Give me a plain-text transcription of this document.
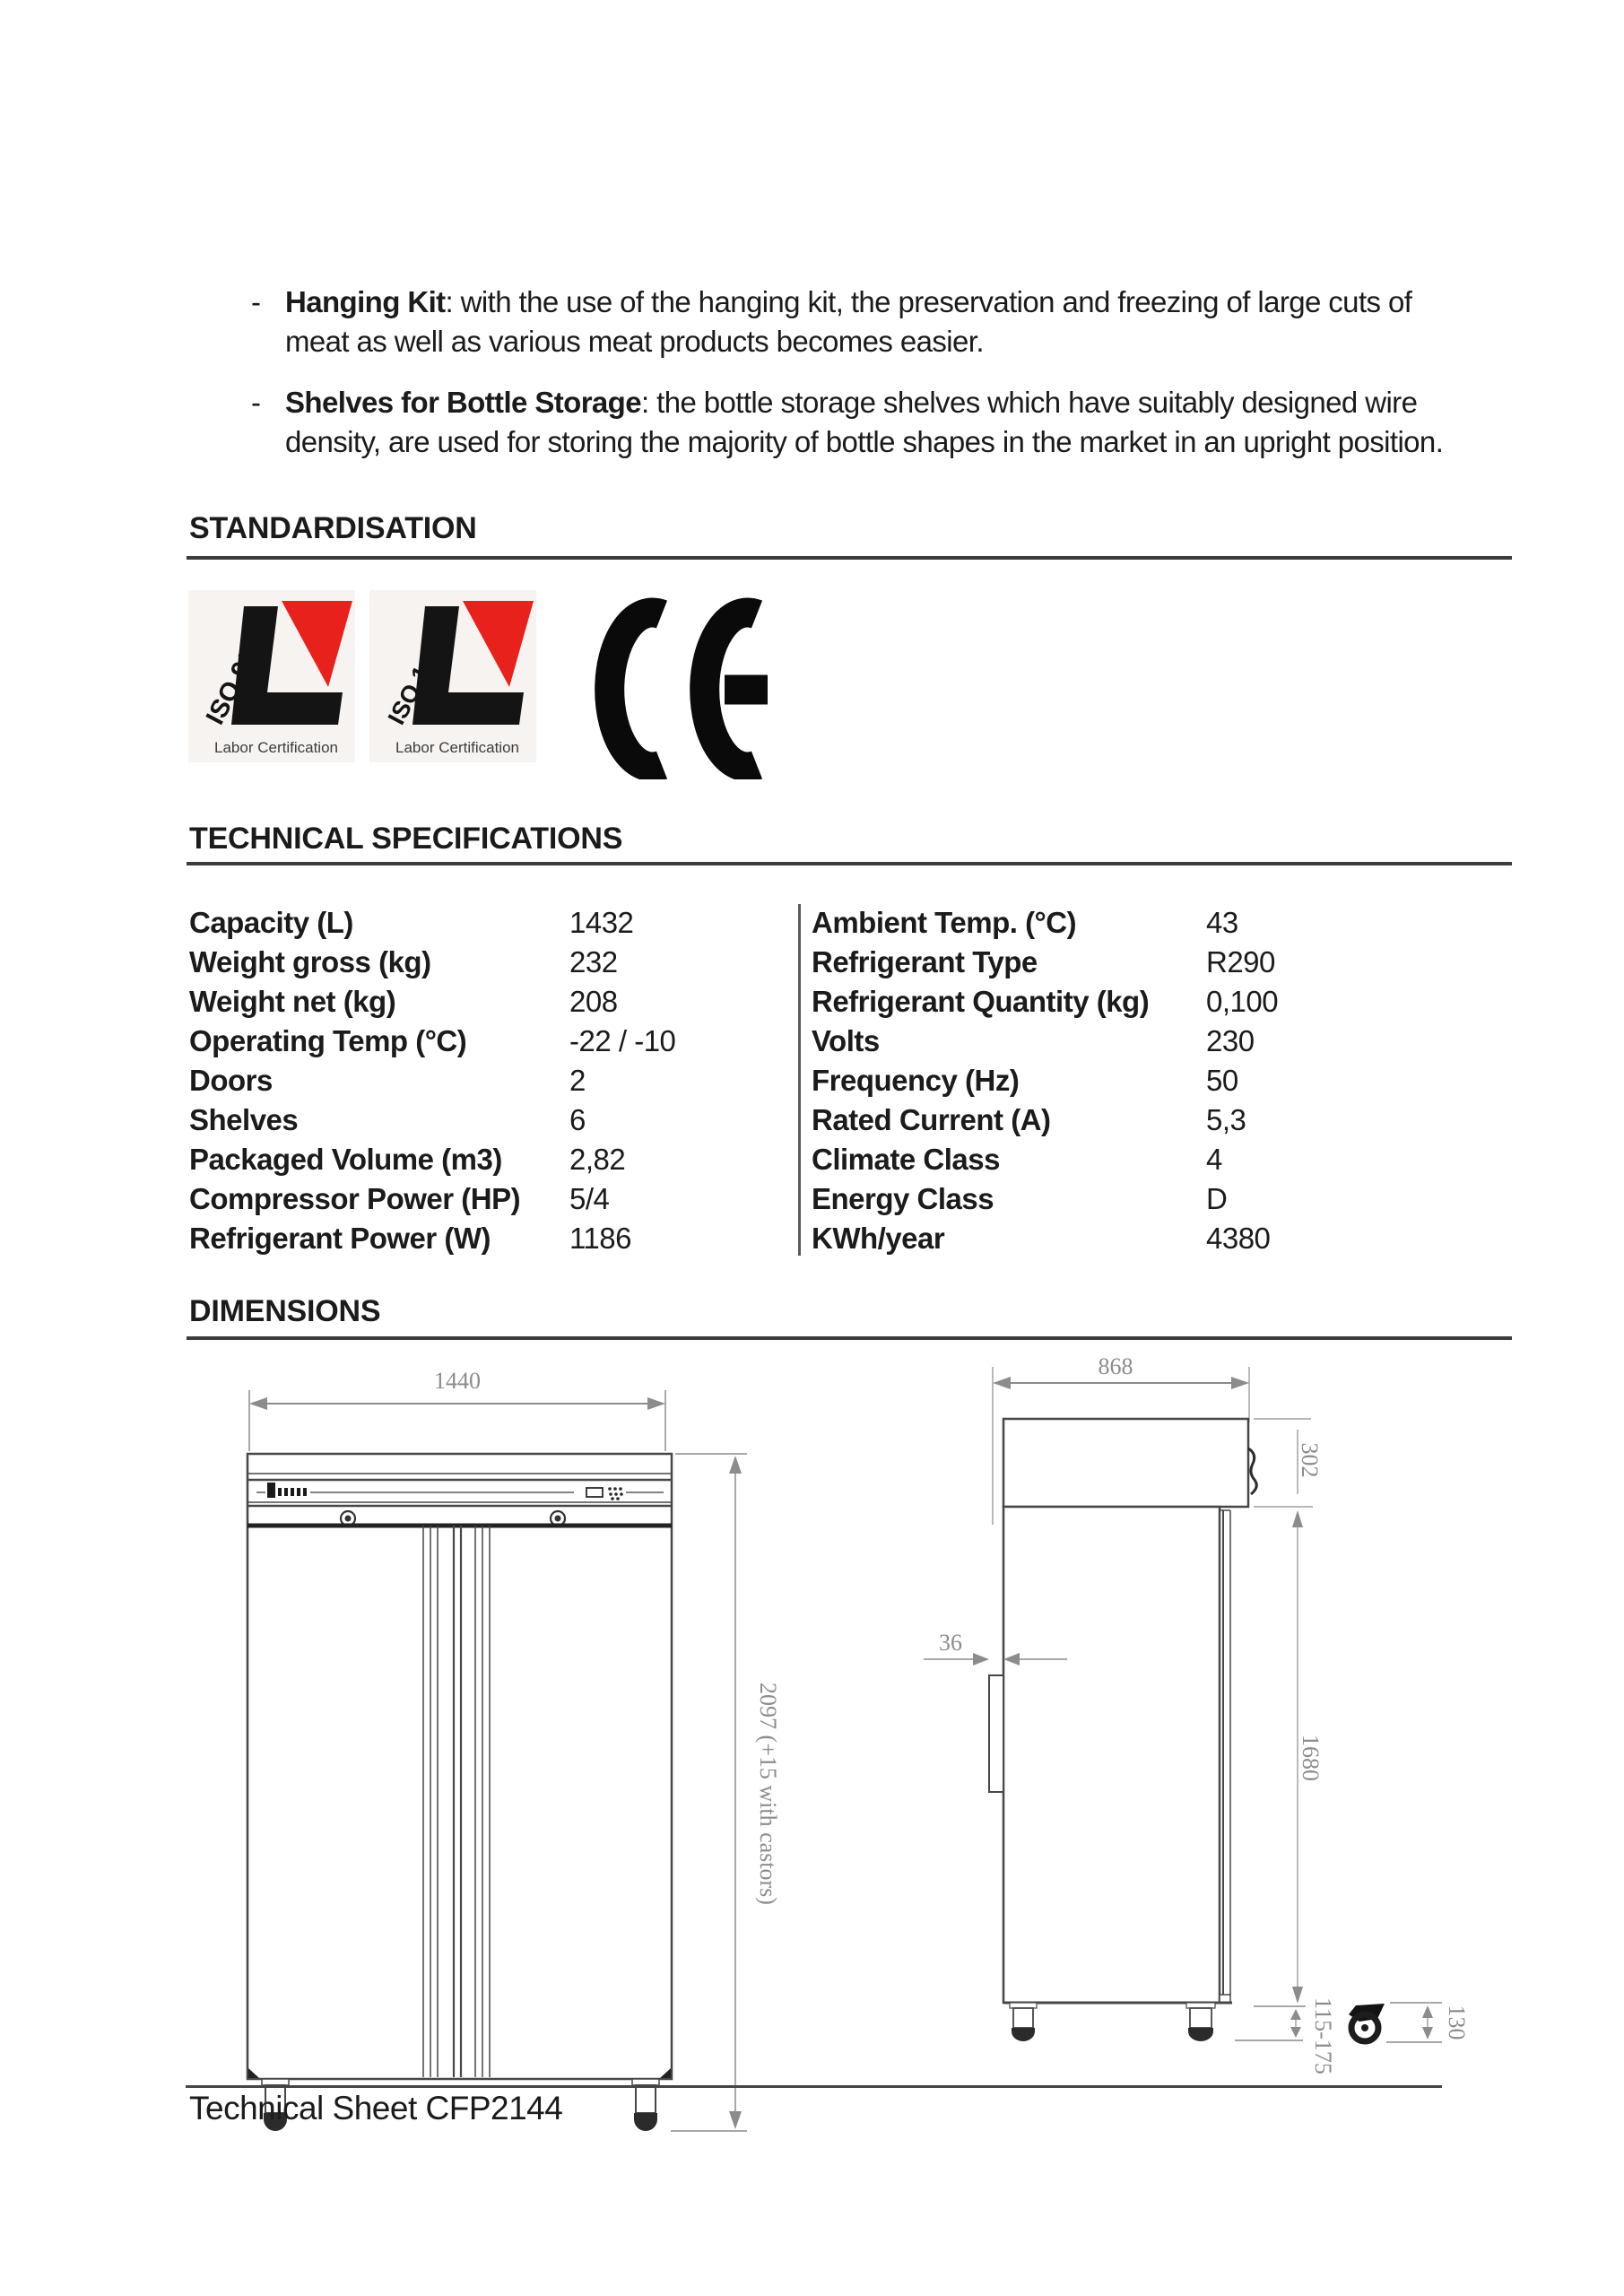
- Hanging Kit: with the use of the hanging kit, the preservation and freezing of large cuts of
meat as well as various meat products becomes easier.
- Shelves for Bottle Storage: the bottle storage shelves which have suitably designed wire
density, are used for storing the majority of bottle shapes in the market in an upright position.
STANDARDISATION
ISO 9001
Labor Certification
ISO 14001
Labor Certification
TECHNICAL SPECIFICATIONS
Capacity (L)	1432	Ambient Temp. (°C)	43
Weight gross (kg)	232	Refrigerant Type	R290
Weight net (kg)	208	Refrigerant Quantity (kg) 0,100
Operating Temp (°C)	-22 / -10	Volts	230
Doors	2	Frequency (Hz)	50
Shelves	6	Rated Current (A)	5,3
Packaged Volume (m3) 2,82	Climate Class	4
Compressor Power (HP) 5/4	Energy Class	D
Refrigerant Power (W)	1186	KWh/year	4380
DIMENSIONS
1440
2097 (+15 with castors)
868
302
36
1680
115-175	130
Technical Sheet CFP2144
